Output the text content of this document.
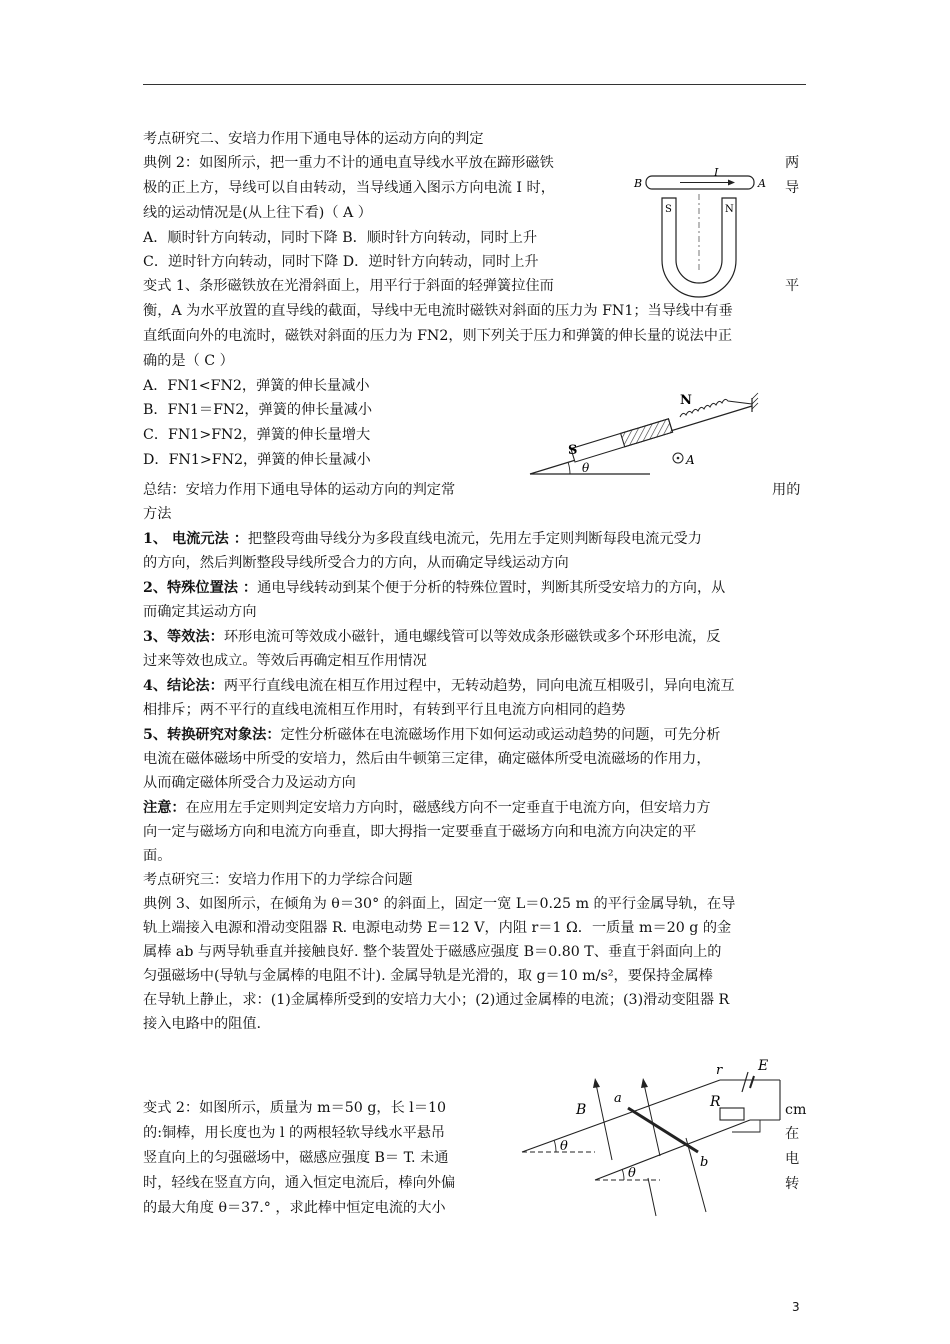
考点研究二、安培力作用下通电导体的运动方向的判定
典例 2：如图所示，把一重力不计的通电直导线水平放在蹄形磁铁	两
极的正上方，导线可以自由转动，当导线通入图示方向电流 I 时，	导
线的运动情况是(从上往下看)（ A ）
A．顺时针方向转动，同时下降 B．顺时针方向转动，同时上升
C．逆时针方向转动，同时下降 D．逆时针方向转动，同时上升
变式 1、条形磁铁放在光滑斜面上，用平行于斜面的轻弹簧拉住而	平
衡，A 为水平放置的直导线的截面，导线中无电流时磁铁对斜面的压力为 FN1；当导线中有垂
直纸面向外的电流时，磁铁对斜面的压力为 FN2，则下列关于压力和弹簧的伸长量的说法中正
确的是（ C ）
A．FN1<FN2，弹簧的伸长量减小
B．FN1＝FN2，弹簧的伸长量减小
C．FN1>FN2，弹簧的伸长量增大
D．FN1>FN2，弹簧的伸长量减小
总结：安培力作用下通电导体的运动方向的判定常	用的
方法
1、 电流元法 ：把整段弯曲导线分为多段直线电流元，先用左手定则判断每段电流元受力
的方向，然后判断整段导线所受合力的方向，从而确定导线运动方向
2、特殊位置法 ：通电导线转动到某个便于分析的特殊位置时，判断其所受安培力的方向，从
而确定其运动方向
3、等效法：环形电流可等效成小磁针，通电螺线管可以等效成条形磁铁或多个环形电流，反
过来等效也成立。等效后再确定相互作用情况
4、结论法：两平行直线电流在相互作用过程中，无转动趋势，同向电流互相吸引，异向电流互
相排斥；两不平行的直线电流相互作用时，有转到平行且电流方向相同的趋势
5、转换研究对象法：定性分析磁体在电流磁场作用下如何运动或运动趋势的问题，可先分析
电流在磁体磁场中所受的安培力，然后由牛顿第三定律，确定磁体所受电流磁场的作用力，
从而确定磁体所受合力及运动方向
注意：在应用左手定则判定安培力方向时，磁感线方向不一定垂直于电流方向，但安培力方
向一定与磁场方向和电流方向垂直，即大拇指一定要垂直于磁场方向和电流方向决定的平
面。
考点研究三：安培力作用下的力学综合问题
典例 3、如图所示，在倾角为 θ＝30° 的斜面上，固定一宽 L＝0.25 m 的平行金属导轨，在导
轨上端接入电源和滑动变阻器 R. 电源电动势 E＝12 V，内阻 r＝1 Ω．一质量 m＝20 g 的金
属棒 ab 与两导轨垂直并接触良好. 整个装置处于磁感应强度 B＝0.80 T、垂直于斜面向上的
匀强磁场中(导轨与金属棒的电阻不计). 金属导轨是光滑的，取 g＝10 m/s²，要保持金属棒
在导轨上静止，求：(1)金属棒所受到的安培力大小；(2)通过金属棒的电流；(3)滑动变阻器 R
接入电路中的阻值.
变式 2：如图所示，质量为 m＝50 g，长 l＝10	cm
的:铜棒，用长度也为 l 的两根轻软导线水平悬吊	在
竖直向上的匀强磁场中，磁感应强度 B＝ T. 未通	电
时，轻线在竖直方向，通入恒定电流后，棒向外偏	转
的最大角度 θ＝37.° ，求此棒中恒定电流的大小
B
I
A
S	N
N
S
θ
A
a
b
B
r	E
R
θ
θ
3
